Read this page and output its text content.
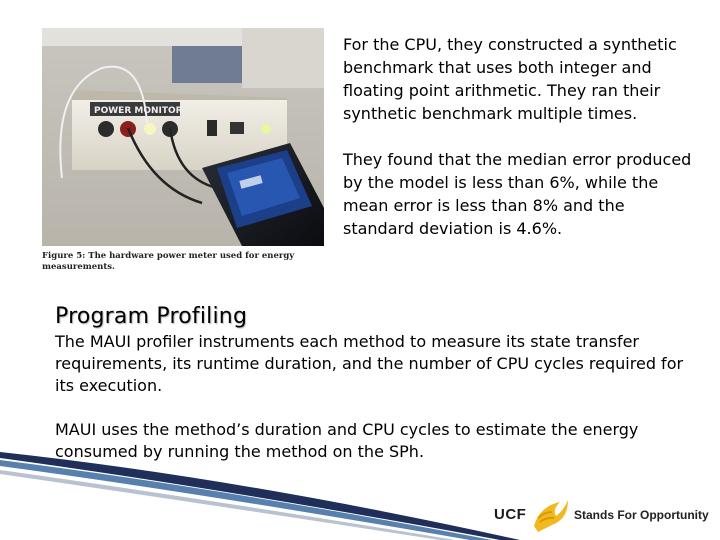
POWER MONITOR
Figure 5: The hardware power meter used for energy measurements.

For the CPU, they constructed a synthetic benchmark that uses both integer and floating point arithmetic. They ran their synthetic benchmark multiple times.

They found that the median error produced by the model is less than 6%, while the mean error is less than 8% and the standard deviation is 4.6%.

Program Profiling

The MAUI profiler instruments each method to measure its state transfer requirements, its runtime duration, and the number of CPU cycles required for its execution.

MAUI uses the method’s duration and CPU cycles to estimate the energy consumed by running the method on the SPh.

UCF	Stands For Opportunity
